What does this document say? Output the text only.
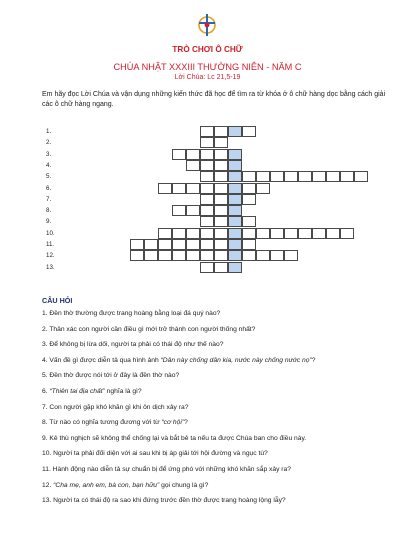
TRÒ CHƠI Ô CHỮ
CHÚA NHẬT XXXIII THƯỜNG NIÊN - NĂM C
Lời Chúa: Lc 21,5-19
Em hãy đọc Lời Chúa và vận dụng những kiến thức đã học để tìm ra từ khóa ở ô chữ hàng dọc bằng cách giải các ô chữ hàng ngang.
1.
2.
3.
4.
5.
6.
7.
8.
9.
10.
11.
12.
13.
CÂU HỎI
1. Đền thờ thường được trang hoàng bằng loại đá quý nào?
2. Thân xác con người cần điều gì mới trở thành con người thống nhất?
3. Để không bị lừa dối, người ta phải có thái độ như thế nào?
4. Vấn đề gì được diễn tả qua hình ảnh “Dân này chống dân kia, nước này chống nước nọ”?
5. Đền thờ được nói tới ở đây là đền thờ nào?
6. “Thiên tai địa chất” nghĩa là gì?
7. Con người gặp khó khăn gì khi ôn dịch xảy ra?
8. Từ nào có nghĩa tương đương với từ “cơ hội”?
9. Kẻ thù nghịch sẽ không thể chống lại và bắt bẻ ta nếu ta được Chúa ban cho điều này.
10. Người ta phải đối diện với ai sau khi bị áp giải tới hội đường và ngục tù?
11. Hành động nào diễn tả sự chuẩn bị để ứng phó với những khó khăn sắp xảy ra?
12. “Cha mẹ, anh em, bà con, bạn hữu” gọi chung là gì?
13. Người ta có thái độ ra sao khi đứng trước đền thờ được trang hoàng lộng lẫy?
